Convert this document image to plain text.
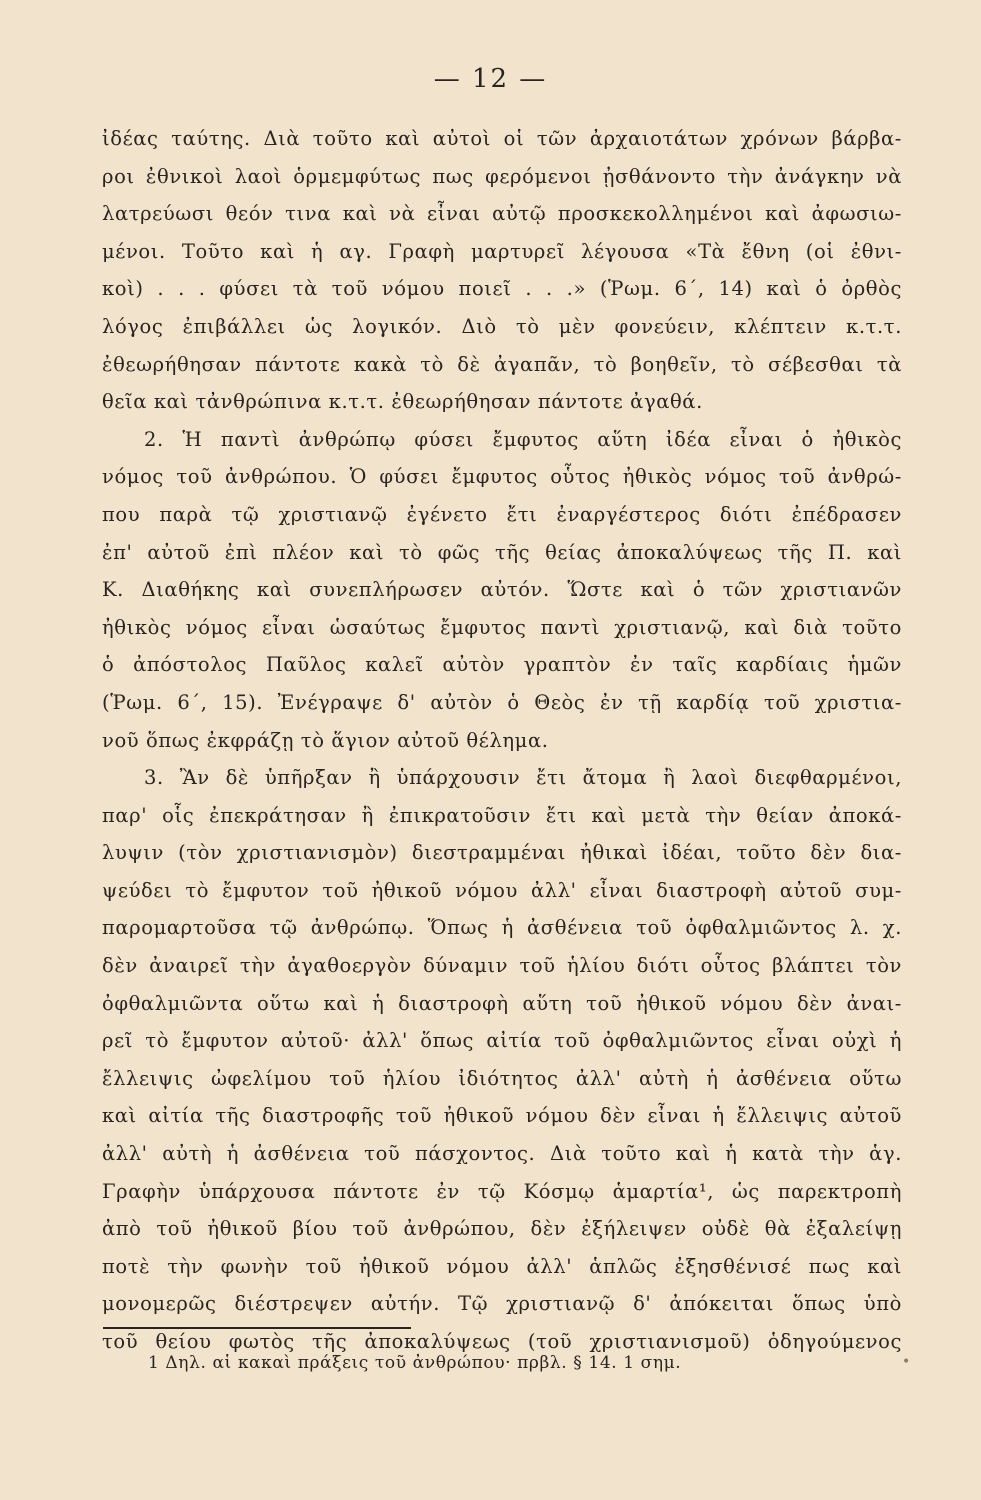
— 12 —
ἰδέας ταύτης. Διὰ τοῦτο καὶ αὐτοὶ οἱ τῶν ἀρχαιοτάτων χρόνων βάρβα-
ροι ἐθνικοὶ λαοὶ ὁρμεμφύτως πως φερόμενοι ᾐσθάνοντο τὴν ἀνάγκην νὰ
λατρεύωσι θεόν τινα καὶ νὰ εἶναι αὐτῷ προσκεκολλημένοι καὶ ἀφωσιω-
μένοι. Τοῦτο καὶ ἡ αγ. Γραφὴ μαρτυρεῖ λέγουσα «Τὰ ἔθνη (οἱ ἐθνι-
κοὶ) . . . φύσει τὰ τοῦ νόμου ποιεῖ . . .» (Ῥωμ. 6΄, 14) καὶ ὁ ὀρθὸς
λόγος ἐπιβάλλει ὡς λογικόν. Διὸ τὸ μὲν φονεύειν, κλέπτειν κ.τ.τ.
ἐθεωρήθησαν πάντοτε κακὰ τὸ δὲ ἀγαπᾶν, τὸ βοηθεῖν, τὸ σέβεσθαι τὰ
θεῖα καὶ τἀνθρώπινα κ.τ.τ. ἐθεωρήθησαν πάντοτε ἀγαθά.
2. Ἡ παντὶ ἀνθρώπῳ φύσει ἔμφυτος αὕτη ἰδέα εἶναι ὁ ἠθικὸς
νόμος τοῦ ἀνθρώπου. Ὁ φύσει ἔμφυτος οὗτος ἠθικὸς νόμος τοῦ ἀνθρώ-
που παρὰ τῷ χριστιανῷ ἐγένετο ἔτι ἐναργέστερος διότι ἐπέδρασεν
ἐπ' αὐτοῦ ἐπὶ πλέον καὶ τὸ φῶς τῆς θείας ἀποκαλύψεως τῆς Π. καὶ
Κ. Διαθήκης καὶ συνεπλήρωσεν αὐτόν. Ὥστε καὶ ὁ τῶν χριστιανῶν
ἠθικὸς νόμος εἶναι ὡσαύτως ἔμφυτος παντὶ χριστιανῷ, καὶ διὰ τοῦτο
ὁ ἀπόστολος Παῦλος καλεῖ αὐτὸν γραπτὸν ἐν ταῖς καρδίαις ἡμῶν
(Ῥωμ. 6΄, 15). Ἐνέγραψε δ' αὐτὸν ὁ Θεὸς ἐν τῇ καρδίᾳ τοῦ χριστια-
νοῦ ὅπως ἐκφράζῃ τὸ ἅγιον αὐτοῦ θέλημα.
3. Ἂν δὲ ὑπῆρξαν ἢ ὑπάρχουσιν ἔτι ἄτομα ἢ λαοὶ διεφθαρμένοι,
παρ' οἷς ἐπεκράτησαν ἢ ἐπικρατοῦσιν ἔτι καὶ μετὰ τὴν θείαν ἀποκά-
λυψιν (τὸν χριστιανισμὸν) διεστραμμέναι ἠθικαὶ ἰδέαι, τοῦτο δὲν δια-
ψεύδει τὸ ἔμφυτον τοῦ ἠθικοῦ νόμου ἀλλ' εἶναι διαστροφὴ αὐτοῦ συμ-
παρομαρτοῦσα τῷ ἀνθρώπῳ. Ὅπως ἡ ἀσθένεια τοῦ ὀφθαλμιῶντος λ. χ.
δὲν ἀναιρεῖ τὴν ἀγαθοεργὸν δύναμιν τοῦ ἡλίου διότι οὗτος βλάπτει τὸν
ὀφθαλμιῶντα οὕτω καὶ ἡ διαστροφὴ αὕτη τοῦ ἠθικοῦ νόμου δὲν ἀναι-
ρεῖ τὸ ἔμφυτον αὐτοῦ· ἀλλ' ὅπως αἰτία τοῦ ὀφθαλμιῶντος εἶναι οὐχὶ ἡ
ἔλλειψις ὠφελίμου τοῦ ἡλίου ἰδιότητος ἀλλ' αὐτὴ ἡ ἀσθένεια οὕτω
καὶ αἰτία τῆς διαστροφῆς τοῦ ἠθικοῦ νόμου δὲν εἶναι ἡ ἔλλειψις αὐτοῦ
ἀλλ' αὐτὴ ἡ ἀσθένεια τοῦ πάσχοντος. Διὰ τοῦτο καὶ ἡ κατὰ τὴν ἁγ.
Γραφὴν ὑπάρχουσα πάντοτε ἐν τῷ Κόσμῳ ἁμαρτία¹, ὡς παρεκτροπὴ
ἀπὸ τοῦ ἠθικοῦ βίου τοῦ ἀνθρώπου, δὲν ἐξήλειψεν οὐδὲ θὰ ἐξαλείψῃ
ποτὲ τὴν φωνὴν τοῦ ἠθικοῦ νόμου ἀλλ' ἁπλῶς ἐξησθένισέ πως καὶ
μονομερῶς διέστρεψεν αὐτήν. Τῷ χριστιανῷ δ' ἀπόκειται ὅπως ὑπὸ
τοῦ θείου φωτὸς τῆς ἀποκαλύψεως (τοῦ χριστιανισμοῦ) ὁδηγούμενος
1 Δηλ. αἱ κακαὶ πράξεις τοῦ ἀνθρώπου· πρβλ. § 14. 1 σημ.	•
